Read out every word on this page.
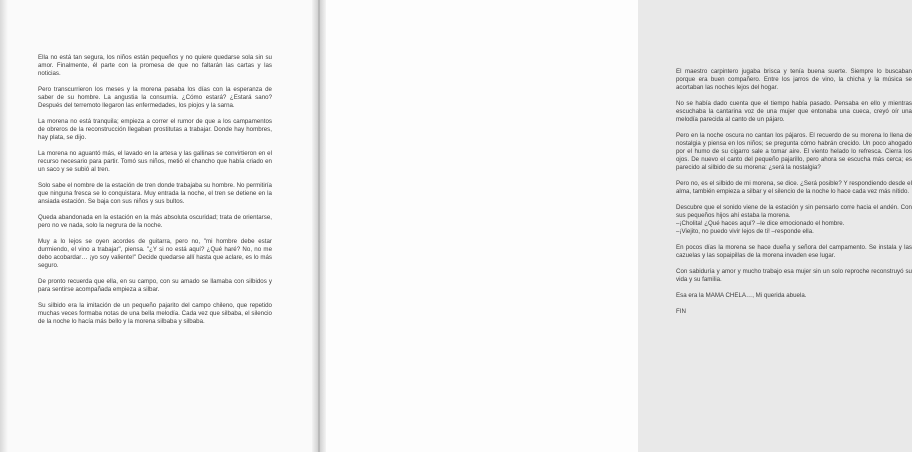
Ella no está tan segura, los niños están pequeños y no quiere quedarse sola sin su amor. Finalmente, él parte con la promesa de que no faltarán las cartas y las noticias.

Pero transcurrieron los meses y la morena pasaba los días con la esperanza de saber de su hombre. La angustia la consumía. ¿Cómo estará? ¿Estará sano? Después del terremoto llegaron las enfermedades, los piojos y la sarna.

La morena no está tranquila; empieza a correr el rumor de que a los campamentos de obreros de la reconstrucción llegaban prostitutas a trabajar. Donde hay hombres, hay plata, se dijo.

La morena no aguantó más, el lavado en la artesa y las gallinas se convirtieron en el recurso necesario para partir. Tomó sus niños, metió el chancho que había criado en un saco y se subió al tren.

Solo sabe el nombre de la estación de tren donde trabajaba su hombre. No permitiría que ninguna fresca se lo conquistara. Muy entrada la noche, el tren se detiene en la ansiada estación. Se baja con sus niños y sus bultos.

Queda abandonada en la estación en la más absoluta oscuridad; trata de orientarse, pero no ve nada, solo la negrura de la noche.

Muy a lo lejos se oyen acordes de guitarra, pero no, "mi hombre debe estar durmiendo, el vino a trabajar", piensa. "¿Y si no está aquí? ¿Qué haré? No, no me debo acobardar… ¡yo soy valiente!" Decide quedarse allí hasta que aclare, es lo más seguro.

De pronto recuerda que ella, en su campo, con su amado se llamaba con silbidos y para sentirse acompañada empieza a silbar.

Su silbido era la imitación de un pequeño pajarito del campo chileno, que repetido muchas veces formaba notas de una bella melodía. Cada vez que silbaba, el silencio de la noche lo hacía más bello y la morena silbaba y silbaba.

El maestro carpintero jugaba brisca y tenía buena suerte. Siempre lo buscaban porque era buen compañero. Entre los jarros de vino, la chicha y la música se acortaban las noches lejos del hogar.

No se había dado cuenta que el tiempo había pasado. Pensaba en ello y mientras escuchaba la cantarina voz de una mujer que entonaba una cueca, creyó oír una melodía parecida al canto de un pájaro.

Pero en la noche oscura no cantan los pájaros. El recuerdo de su morena lo llena de nostalgia y piensa en los niños; se pregunta cómo habrán crecido. Un poco ahogado por el humo de su cigarro sale a tomar aire. El viento helado lo refresca. Cierra los ojos. De nuevo el canto del pequeño pajarillo, pero ahora se escucha más cerca; es parecido al silbido de su morena: ¿será la nostalgia?

Pero no, es el silbido de mi morena, se dice. ¿Será posible? Y respondiendo desde el alma, también empieza a silbar y el silencio de la noche lo hace cada vez más nítido.

Descubre que el sonido viene de la estación y sin pensarlo corre hacia el andén. Con sus pequeños hijos ahí estaba la morena.
–¡Cholita! ¿Qué haces aquí? –le dice emocionado el hombre.
–¡Viejito, no puedo vivir lejos de ti! –responde ella.

En pocos días la morena se hace dueña y señora del campamento. Se instala y las cazuelas y las sopaipillas de la morena invaden ese lugar.

Con sabiduría y amor y mucho trabajo esa mujer sin un solo reproche reconstruyó su vida y su familia.

Esa era la MAMA CHELA…, Mi querida abuela.

FIN
